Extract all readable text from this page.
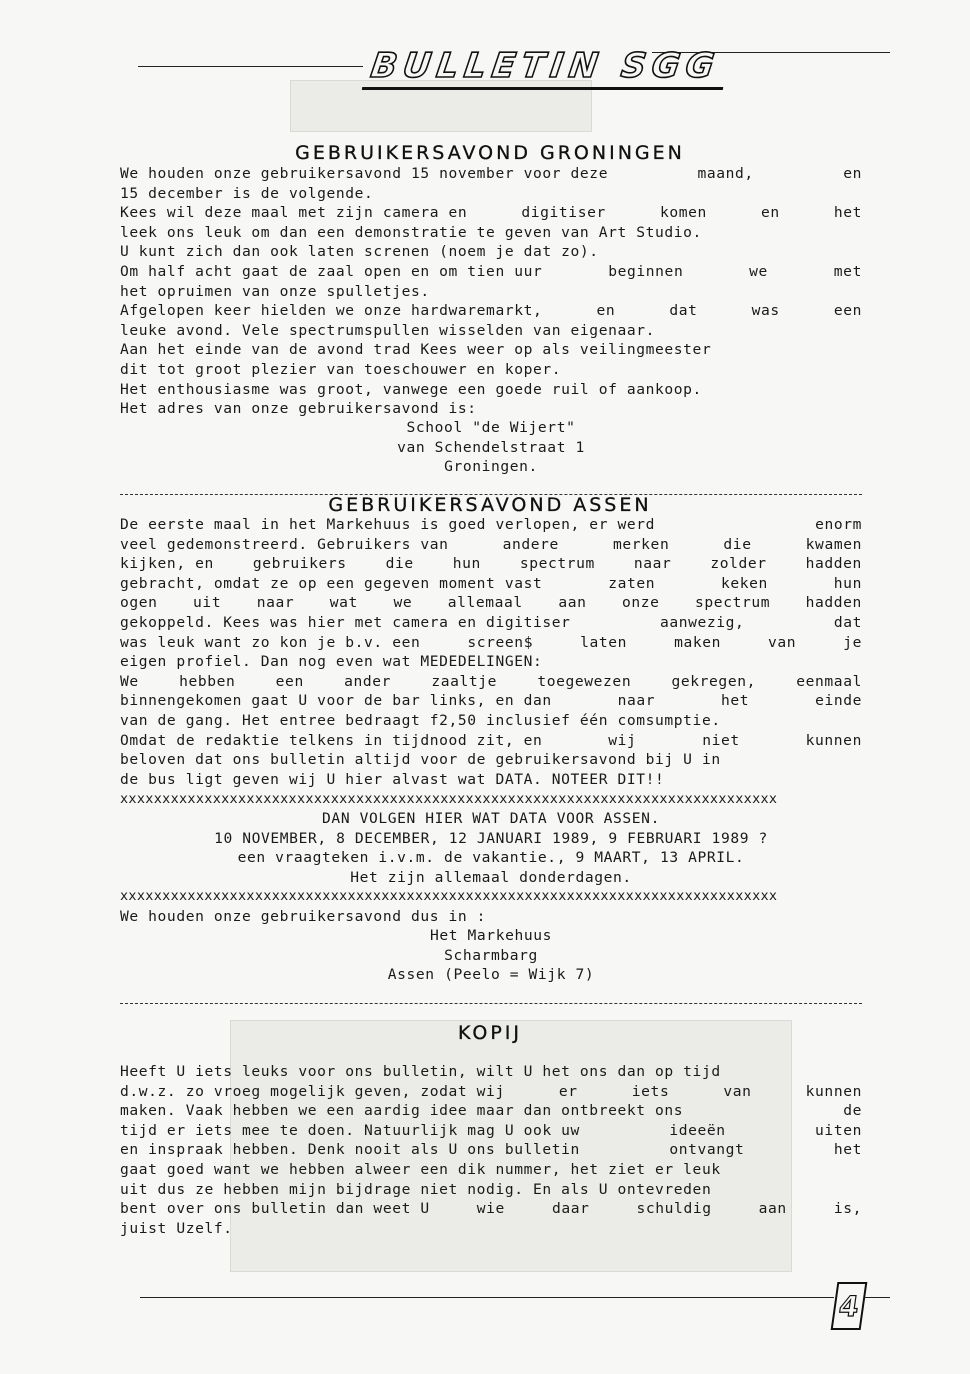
BULLETIN SGG
GEBRUIKERSAVOND GRONINGEN
We houden onze gebruikersavond 15 november voor deze	maand,	en
15 december is de volgende.
Kees wil deze maal met zijn camera en	digitiser	komen	en	het
leek ons leuk om dan een demonstratie te geven van Art Studio.
U kunt zich dan ook laten screnen (noem je dat zo).
Om half acht gaat de zaal open en om tien uur	beginnen	we	met
het opruimen van onze spulletjes.
Afgelopen keer hielden we onze hardwaremarkt,	en	dat	was	een
leuke avond. Vele spectrumspullen wisselden van eigenaar.
Aan het einde van de avond trad Kees weer op als veilingmeester
dit tot groot plezier van toeschouwer en koper.
Het enthousiasme was groot, vanwege een goede ruil of aankoop.
Het adres van onze gebruikersavond is:
School "de Wijert"
van Schendelstraat 1
Groningen.
GEBRUIKERSAVOND ASSEN
De eerste maal in het Markehuus is goed verlopen, er werd	enorm
veel gedemonstreerd. Gebruikers van	andere	merken	die	kwamen
kijken, en	gebruikers	die	hun	spectrum	naar	zolder	hadden
gebracht, omdat ze op een gegeven moment vast	zaten	keken	hun
ogen uit naar wat we allemaal aan onze spectrum hadden
gekoppeld. Kees was hier met camera en digitiser	aanwezig,	dat
was leuk want zo kon je b.v. een	screen$	laten	maken	van	je
eigen profiel. Dan nog even wat MEDEDELINGEN:
We	hebben	een	ander	zaaltje	toegewezen	gekregen,	eenmaal
binnengekomen gaat U voor de bar links, en dan	naar	het	einde
van de gang. Het entree bedraagt f2,50 inclusief één comsumptie.
Omdat de redaktie telkens in tijdnood zit, en	wij	niet	kunnen
beloven dat ons bulletin altijd voor de gebruikersavond bij U in
de bus ligt geven wij U hier alvast wat DATA. NOTEER DIT!!
xxxxxxxxxxxxxxxxxxxxxxxxxxxxxxxxxxxxxxxxxxxxxxxxxxxxxxxxxxxxxxxxxxxxxxxxxxxxxx
DAN VOLGEN HIER WAT DATA VOOR ASSEN.
10 NOVEMBER, 8 DECEMBER, 12 JANUARI 1989, 9 FEBRUARI 1989 ?
een vraagteken i.v.m. de vakantie., 9 MAART, 13 APRIL.
Het zijn allemaal donderdagen.
xxxxxxxxxxxxxxxxxxxxxxxxxxxxxxxxxxxxxxxxxxxxxxxxxxxxxxxxxxxxxxxxxxxxxxxxxxxxxx
We houden onze gebruikersavond dus in :
Het Markehuus
Scharmbarg
Assen (Peelo = Wijk 7)
KOPIJ
Heeft U iets leuks voor ons bulletin, wilt U het ons dan op tijd
d.w.z. zo vroeg mogelijk geven, zodat wij	er	iets	van	kunnen
maken. Vaak hebben we een aardig idee maar dan ontbreekt ons	de
tijd er iets mee te doen. Natuurlijk mag U ook uw	ideeën	uiten
en inspraak hebben. Denk nooit als U ons bulletin	ontvangt	het
gaat goed want we hebben alweer een dik nummer, het ziet er leuk
uit dus ze hebben mijn bijdrage niet nodig. En als U ontevreden
bent over ons bulletin dan weet U	wie	daar	schuldig	aan	is,
juist Uzelf.
4
